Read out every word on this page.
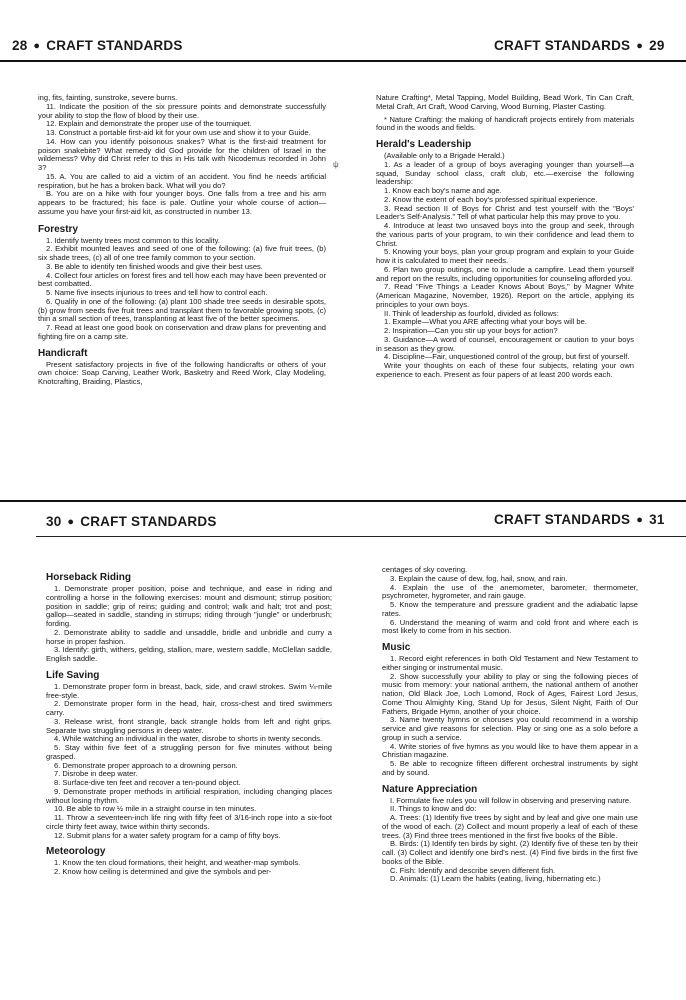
28 ● CRAFT STANDARDS	CRAFT STANDARDS ● 29

ing, fits, fainting, sunstroke, severe burns.

11. Indicate the position of the six pressure points and demonstrate successfully your ability to stop the flow of blood by their use.

12. Explain and demonstrate the proper use of the tourniquet.

13. Construct a portable first-aid kit for your own use and show it to your Guide.

14. How can you identify poisonous snakes? What is the first-aid treatment for poison snakebite? What remedy did God provide for the children of Israel in the wilderness? Why did Christ refer to this in His talk with Nicodemus recorded in John 3?

15. A. You are called to aid a victim of an accident. You find he needs artificial respiration, but he has a broken back. What will you do?

B. You are on a hike with four younger boys. One falls from a tree and his arm appears to be fractured; his face is pale. Outline your whole course of action—assume you have your first-aid kit, as constructed in number 13.

Forestry

1. Identify twenty trees most common to this locality.

2. Exhibit mounted leaves and seed of one of the following: (a) five fruit trees, (b) six shade trees, (c) all of one tree family common to your section.

3. Be able to identify ten finished woods and give their best uses.

4. Collect four articles on forest fires and tell how each may have been prevented or best combatted.

5. Name five insects injurious to trees and tell how to control each.

6. Qualify in one of the following: (a) plant 100 shade tree seeds in desirable spots, (b) grow from seeds five fruit trees and transplant them to favorable growing spots, (c) thin a small section of trees, transplanting at least five of the better specimens.

7. Read at least one good book on conservation and draw plans for preventing and fighting fire on a camp site.

Handicraft

Present satisfactory projects in five of the following handicrafts or others of your own choice: Soap Carving, Leather Work, Basketry and Reed Work, Clay Modeling, Knotcrafting, Braiding, Plastics,

ψ

Nature Crafting*, Metal Tapping, Model Building, Bead Work, Tin Can Craft, Metal Craft, Art Craft, Wood Carving, Wood Burning, Plaster Casting.

* Nature Crafting: the making of handicraft projects entirely from materials found in the woods and fields.

Herald's Leadership

(Available only to a Brigade Herald.)

1. As a leader of a group of boys averaging younger than yourself—a squad, Sunday school class, craft club, etc.—exercise the following leadership:

1. Know each boy's name and age.

2. Know the extent of each boy's professed spiritual experience.

3. Read section II of Boys for Christ and test yourself with the "Boys' Leader's Self-Analysis." Tell of what particular help this may prove to you.

4. Introduce at least two unsaved boys into the group and seek, through the various parts of your program, to win their confidence and lead them to Christ.

5. Knowing your boys, plan your group program and explain to your Guide how it is calculated to meet their needs.

6. Plan two group outings, one to include a campfire. Lead them yourself and report on the results, including opportunities for counseling afforded you.

7. Read "Five Things a Leader Knows About Boys," by Magner White (American Magazine, November, 1926). Report on the article, applying its principles to your own boys.

II. Think of leadership as fourfold, divided as follows:

1. Example—What you ARE affecting what your boys will be.

2. Inspiration—Can you stir up your boys for action?

3. Guidance—A word of counsel, encouragement or caution to your boys in season as they grow.

4. Discipline—Fair, unquestioned control of the group, but first of yourself.

Write your thoughts on each of these four subjects, relating your own experience to each. Present as four papers of at least 200 words each.

30 ● CRAFT STANDARDS	CRAFT STANDARDS ● 31
Horseback Riding

1. Demonstrate proper position, poise and technique, and ease in riding and controlling a horse in the following exercises: mount and dismount; stirrup position; position in saddle; grip of reins; guiding and control; walk and halt; trot and post; gallop—seated in saddle, standing in stirrups; riding through "jungle" or underbrush; fording.

2. Demonstrate ability to saddle and unsaddle, bridle and unbridle and curry a horse in proper fashion.

3. Identify: girth, withers, gelding, stallion, mare, western saddle, McClellan saddle, English saddle.

Life Saving

1. Demonstrate proper form in breast, back, side, and crawl strokes. Swim ¼-mile free-style.

2. Demonstrate proper form in the head, hair, cross-chest and tired swimmers carry.

3. Release wrist, front strangle, back strangle holds from left and right grips. Separate two struggling persons in deep water.

4. While watching an individual in the water, disrobe to shorts in twenty seconds.

5. Stay within five feet of a struggling person for five minutes without being grasped.

6. Demonstrate proper approach to a drowning person.

7. Disrobe in deep water.

8. Surface-dive ten feet and recover a ten-pound object.

9. Demonstrate proper methods in artificial respiration, including changing places without losing rhythm.

10. Be able to row ½ mile in a straight course in ten minutes.

11. Throw a seventeen-inch life ring with fifty feet of 3/16-inch rope into a six-foot circle thirty feet away, twice within thirty seconds.

12. Submit plans for a water safety program for a camp of fifty boys.

Meteorology

1. Know the ten cloud formations, their height, and weather-map symbols.

2. Know how ceiling is determined and give the symbols and per-

centages of sky covering.

3. Explain the cause of dew, fog, hail, snow, and rain.

4. Explain the use of the anemometer, barometer, thermometer, psychrometer, hygrometer, and rain gauge.

5. Know the temperature and pressure gradient and the adiabatic lapse rates.

6. Understand the meaning of warm and cold front and where each is most likely to come from in his section.

Music

1. Record eight references in both Old Testament and New Testament to either singing or instrumental music.

2. Show successfully your ability to play or sing the following pieces of music from memory: your national anthem, the national anthem of another nation, Old Black Joe, Loch Lomond, Rock of Ages, Fairest Lord Jesus, Come Thou Almighty King, Stand Up for Jesus, Silent Night, Faith of Our Fathers, Brigade Hymn, another of your choice.

3. Name twenty hymns or choruses you could recommend in a worship service and give reasons for selection. Play or sing one as a solo before a group in such a service.

4. Write stories of five hymns as you would like to have them appear in a Christian magazine.

5. Be able to recognize fifteen different orchestral instruments by sight and by sound.

Nature Appreciation

I. Formulate five rules you will follow in observing and preserving nature.

II. Things to know and do:

A. Trees: (1) Identify five trees by sight and by leaf and give one main use of the wood of each. (2) Collect and mount properly a leaf of each of these trees. (3) Find three trees mentioned in the first five books of the Bible.

B. Birds: (1) Identify ten birds by sight. (2) Identify five of these ten by their call. (3) Collect and identify one bird's nest. (4) Find five birds in the first five books of the Bible.

C. Fish: Identify and describe seven different fish.

D. Animals: (1) Learn the habits (eating, living, hibernating etc.)
